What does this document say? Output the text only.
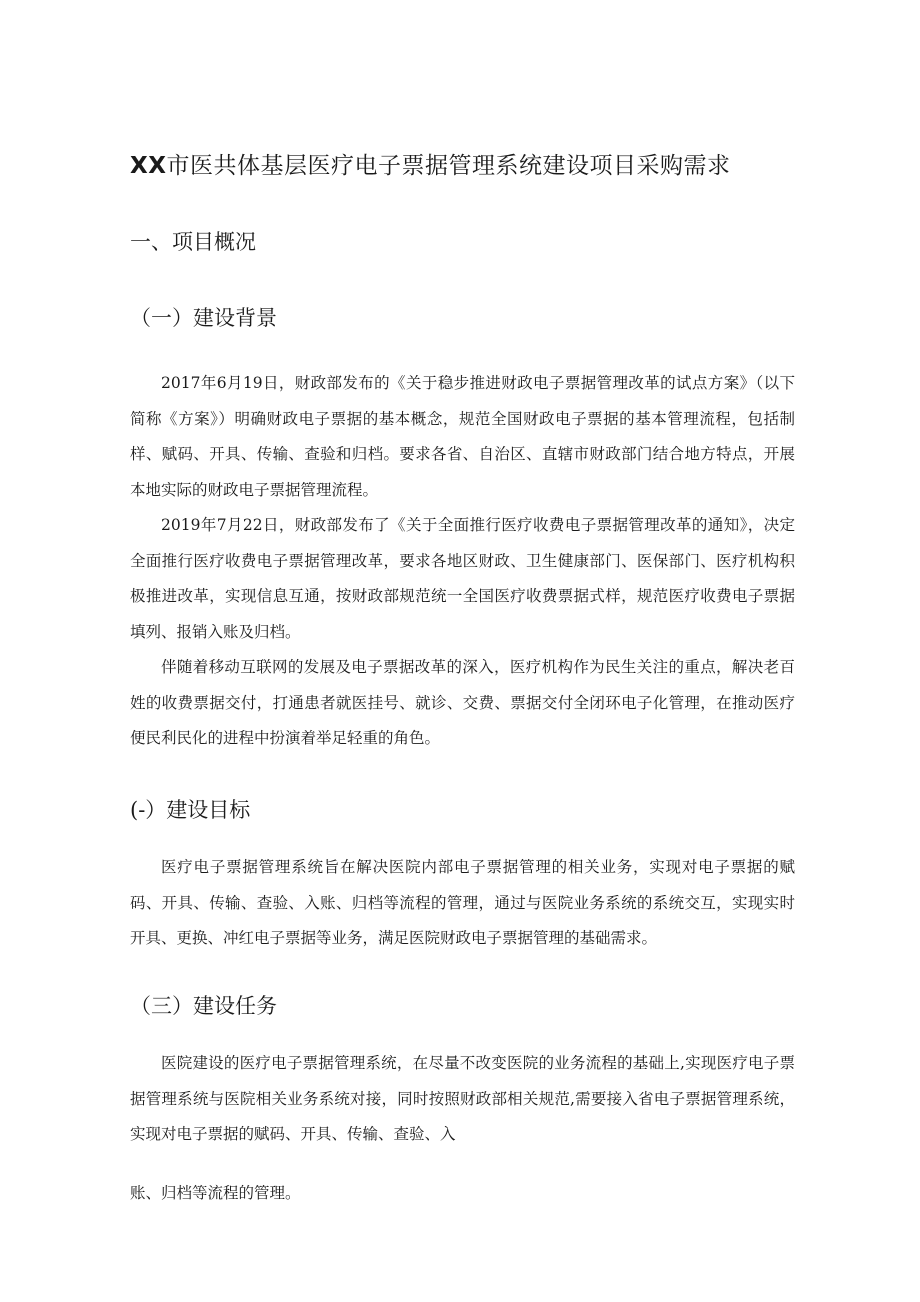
XX市医共体基层医疗电子票据管理系统建设项目采购需求
一、项目概况
（一）建设背景

2017年6月19日，财政部发布的《关于稳步推进财政电子票据管理改革的试点方案》（以下简称《方案》）明确财政电子票据的基本概念，规范全国财政电子票据的基本管理流程，包括制样、赋码、开具、传输、查验和归档。要求各省、自治区、直辖市财政部门结合地方特点，开展本地实际的财政电子票据管理流程。

2019年7月22日，财政部发布了《关于全面推行医疗收费电子票据管理改革的通知》，决定全面推行医疗收费电子票据管理改革，要求各地区财政、卫生健康部门、医保部门、医疗机构积极推进改革，实现信息互通，按财政部规范统一全国医疗收费票据式样，规范医疗收费电子票据填列、报销入账及归档。

伴随着移动互联网的发展及电子票据改革的深入，医疗机构作为民生关注的重点，解决老百姓的收费票据交付，打通患者就医挂号、就诊、交费、票据交付全闭环电子化管理，在推动医疗便民利民化的进程中扮演着举足轻重的角色。

(-）建设目标

医疗电子票据管理系统旨在解决医院内部电子票据管理的相关业务，实现对电子票据的赋码、开具、传输、查验、入账、归档等流程的管理，通过与医院业务系统的系统交互，实现实时开具、更换、冲红电子票据等业务，满足医院财政电子票据管理的基础需求。

（三）建设任务

医院建设的医疗电子票据管理系统，在尽量不改变医院的业务流程的基础上,实现医疗电子票据管理系统与医院相关业务系统对接，同时按照财政部相关规范,需要接入省电子票据管理系统，实现对电子票据的赋码、开具、传输、查验、入

账、归档等流程的管理。
